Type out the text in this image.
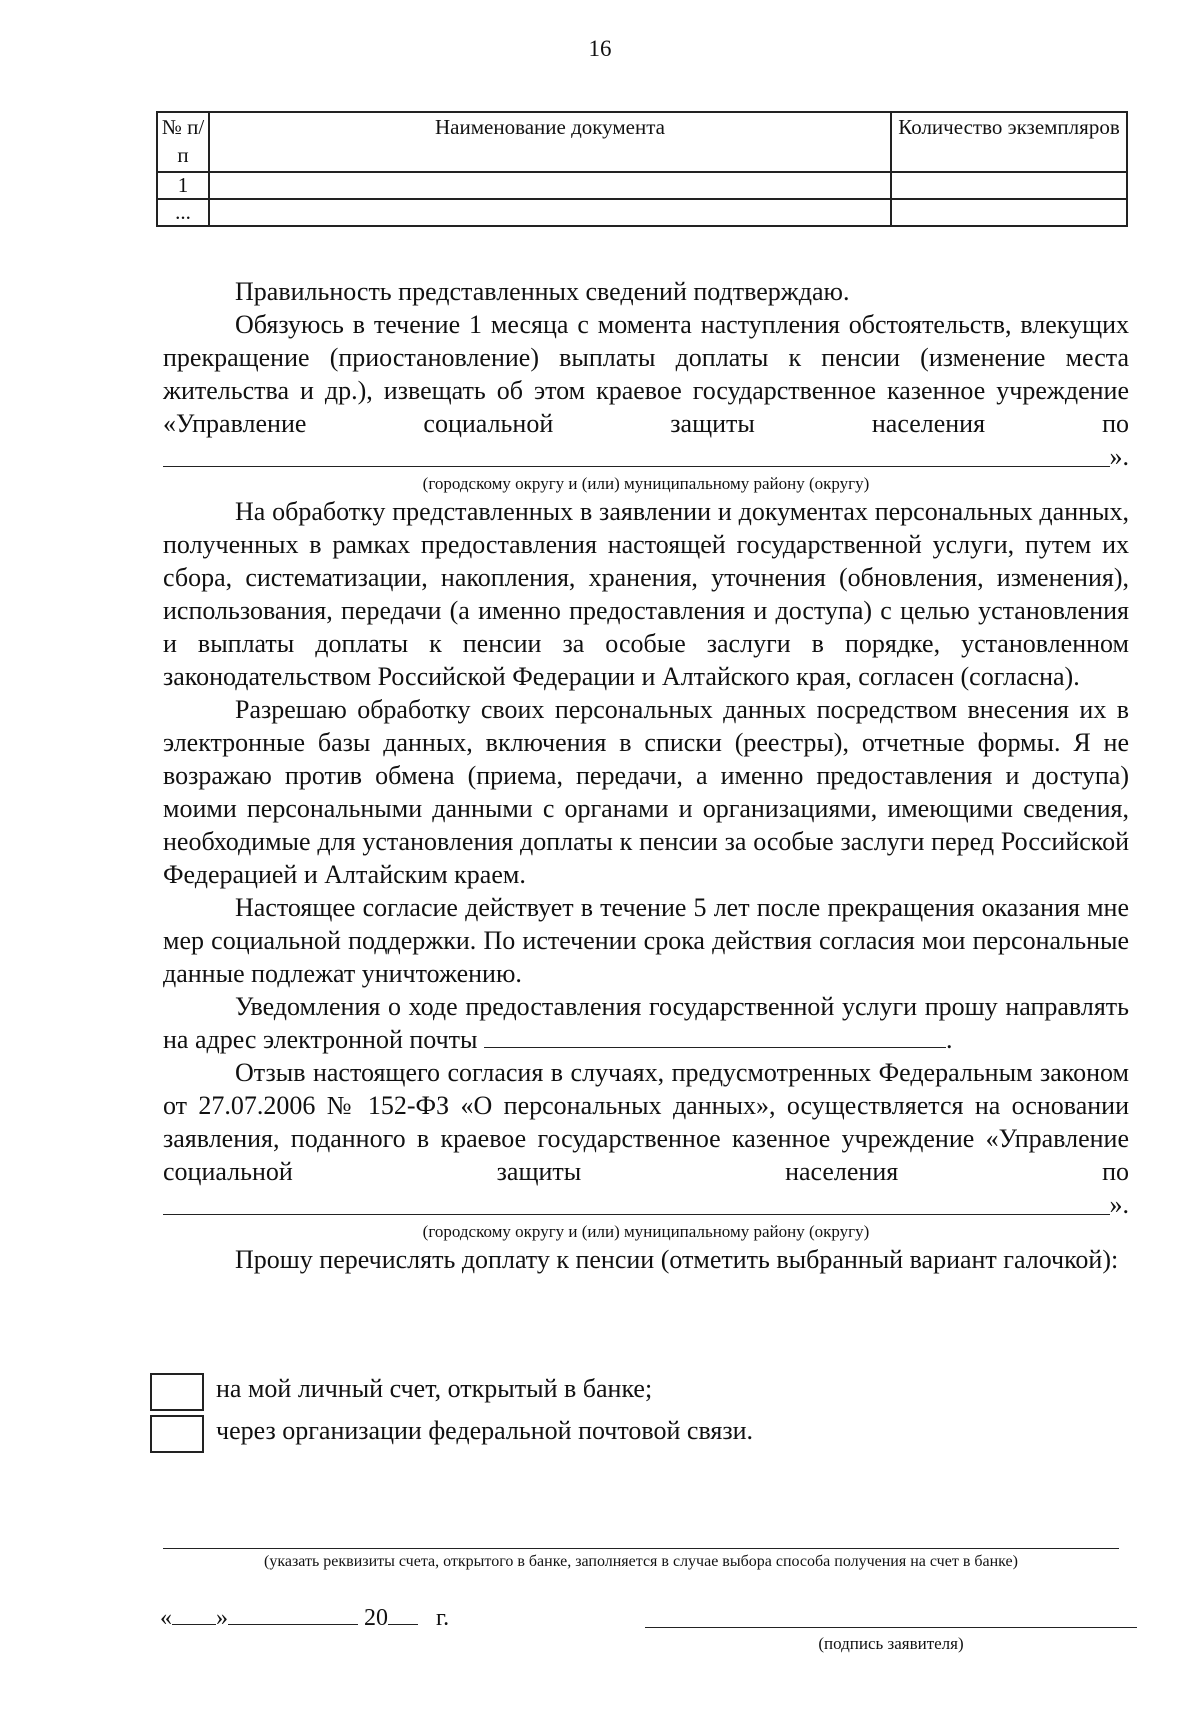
16
№ п/п	Наименование документа	Количество экземпляров
1		
...		

Правильность представленных сведений подтверждаю.

Обязуюсь в течение 1 месяца с момента наступления обстоятельств, влекущих прекращение (приостановление) выплаты доплаты к пенсии (изменение места жительства и др.), извещать об этом краевое государственное казенное учреждение «Управление социальной защиты населения по

».
(городскому округу и (или) муниципальному району (округу)

На обработку представленных в заявлении и документах персональных данных, полученных в рамках предоставления настоящей государственной услуги, путем их сбора, систематизации, накопления, хранения, уточнения (обновления, изменения), использования, передачи (а именно предоставления и доступа) с целью установления и выплаты доплаты к пенсии за особые заслуги в порядке, установленном законодательством Российской Федерации и Алтайского края, согласен (согласна).

Разрешаю обработку своих персональных данных посредством внесения их в электронные базы данных, включения в списки (реестры), отчетные формы. Я не возражаю против обмена (приема, передачи, а именно предоставления и доступа) моими персональными данными с органами и организациями, имеющими сведения, необходимые для установления доплаты к пенсии за особые заслуги перед Российской Федерацией и Алтайским краем.

Настоящее согласие действует в течение 5 лет после прекращения оказания мне мер социальной поддержки. По истечении срока действия согласия мои персональные данные подлежат уничтожению.

Уведомления о ходе предоставления государственной услуги прошу направлять на адрес электронной почты	.

Отзыв настоящего согласия в случаях, предусмотренных Федеральным законом от 27.07.2006 № 152-ФЗ «О персональных данных», осуществляется на основании заявления, поданного в краевое государственное казенное учреждение «Управление социальной защиты населения по

».
(городскому округу и (или) муниципальному району (округу)

Прошу перечислять доплату к пенсии (отметить выбранный вариант галочкой):

на мой личный счет, открытый в банке;
через организации федеральной почтовой связи.
(указать реквизиты счета, открытого в банке, заполняется в случае выбора способа получения на счет в банке)
« »	20 г.
(подпись заявителя)
